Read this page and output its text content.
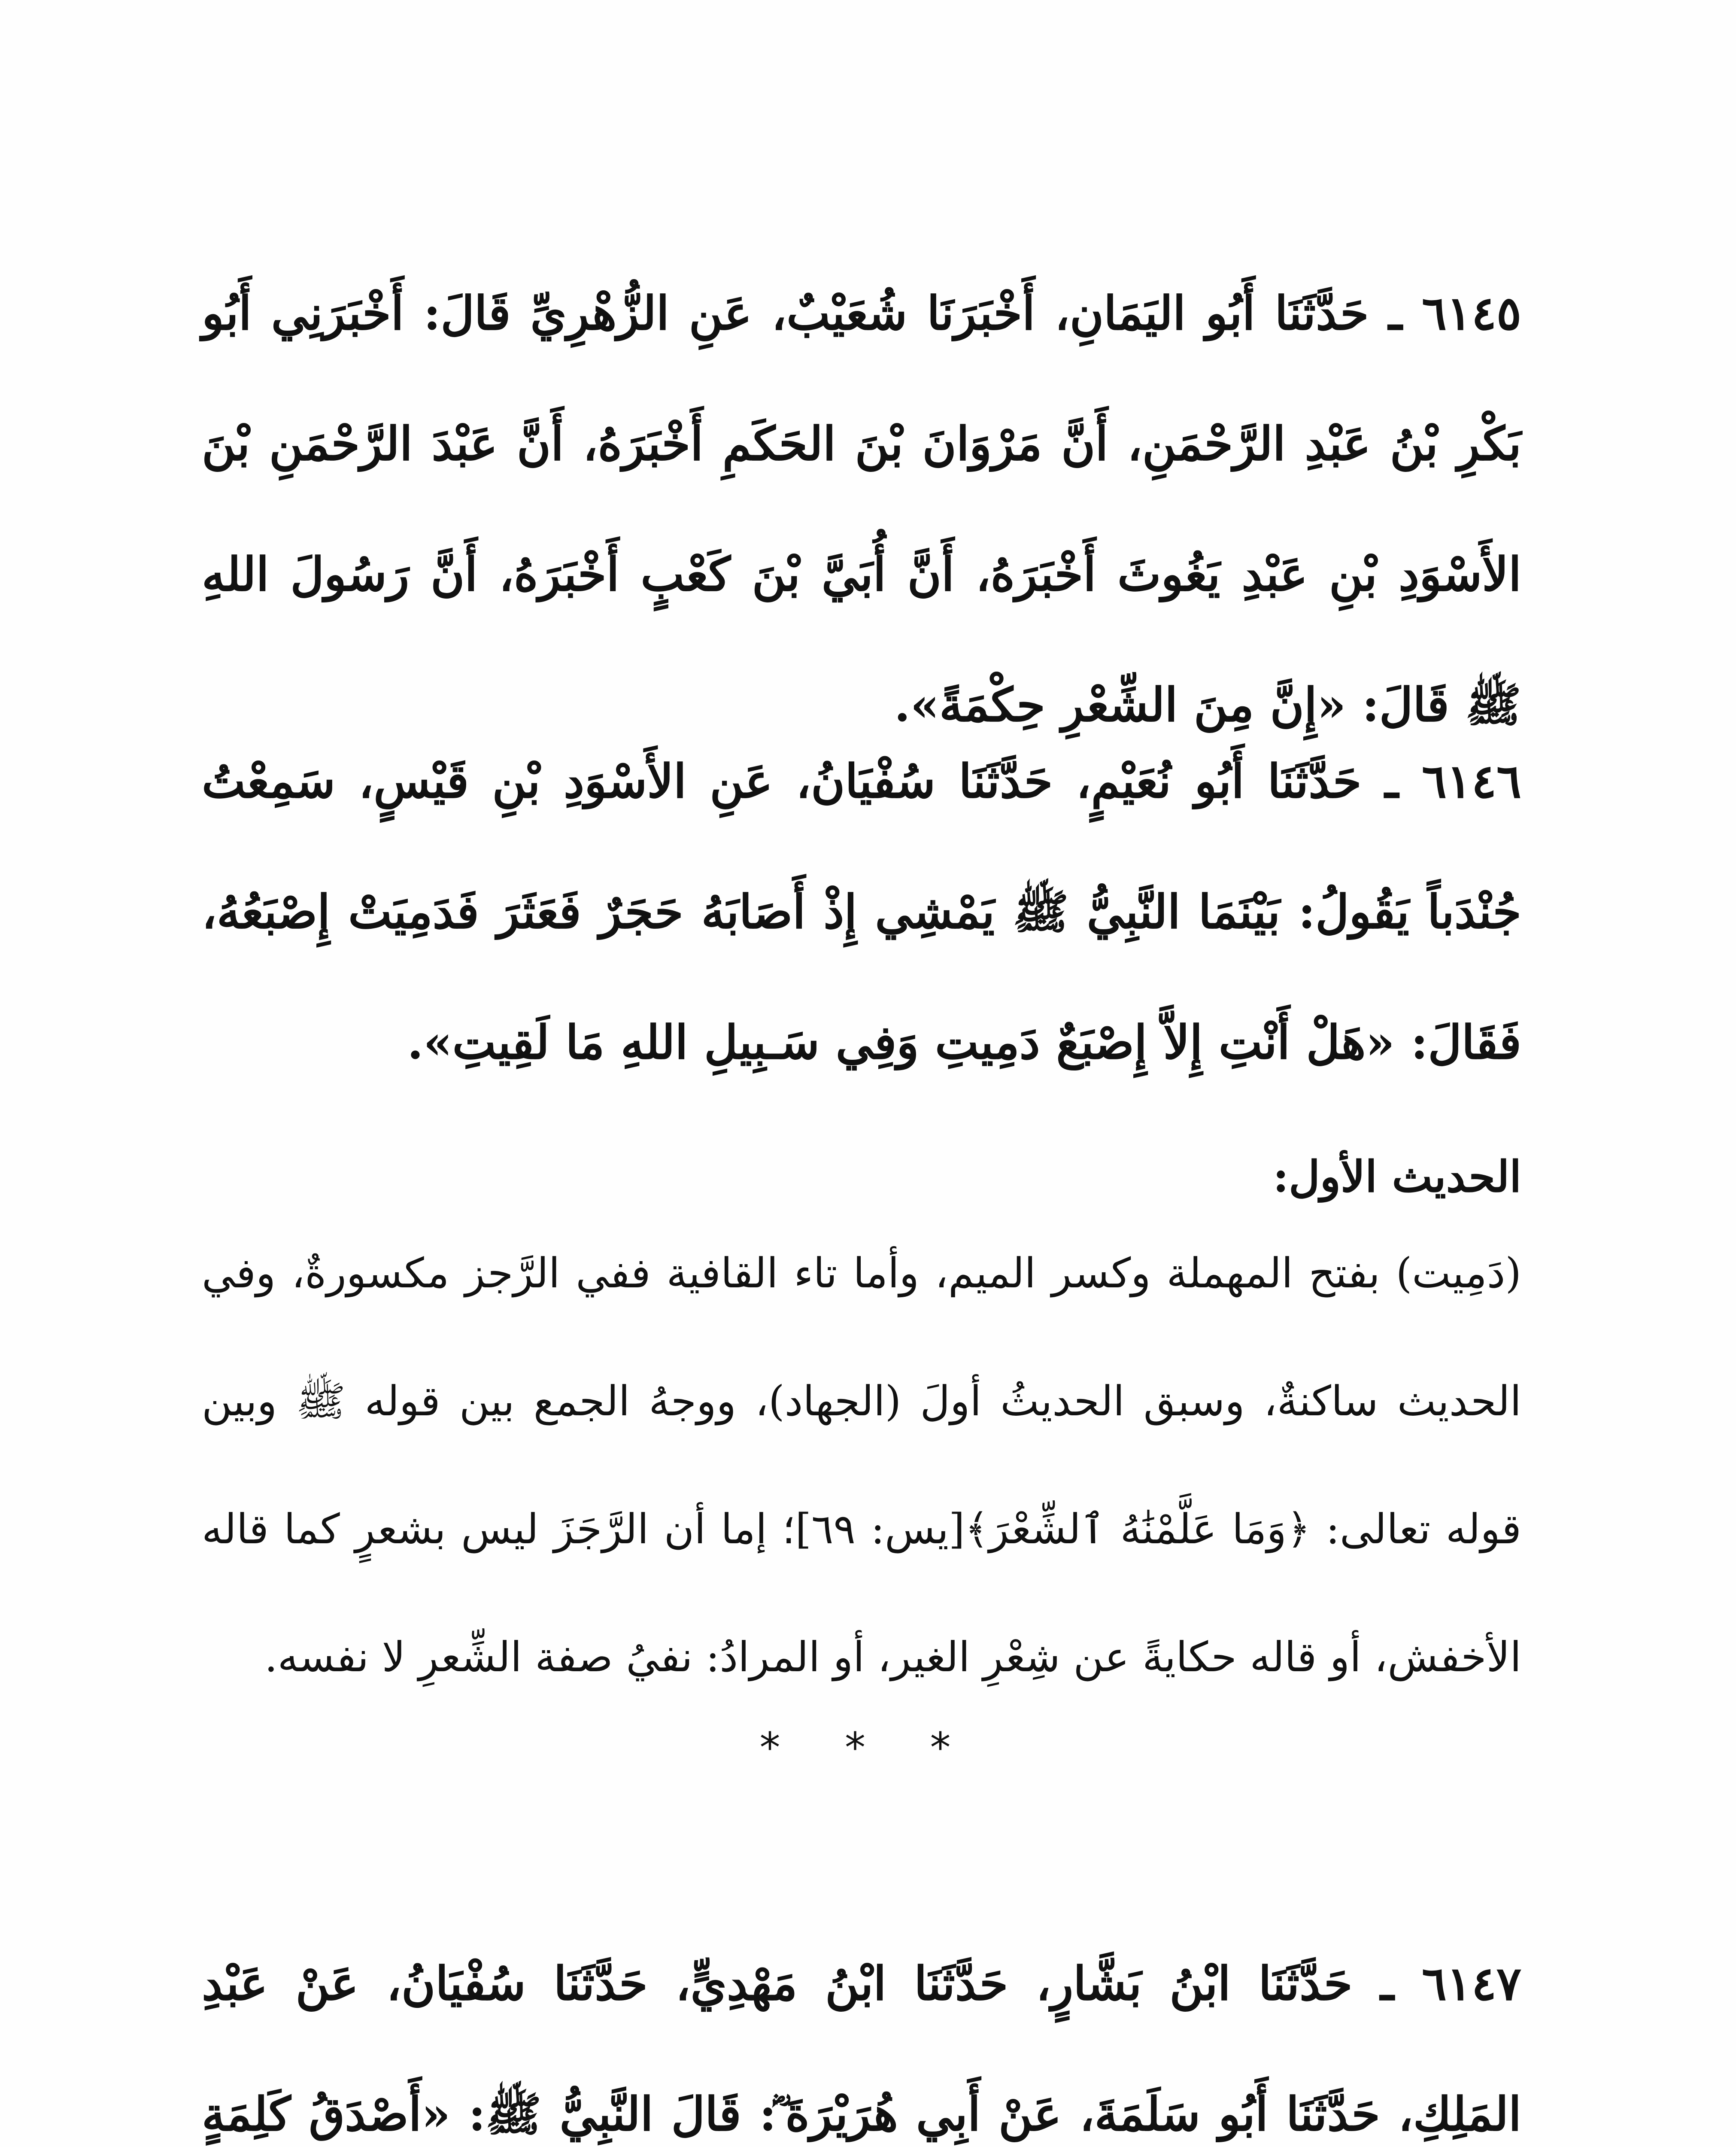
٦١٤٥ ـ حَدَّثَنَا أَبُو اليَمَانِ، أَخْبَرَنَا شُعَيْبٌ، عَنِ الزُّهْرِيِّ قَالَ: أَخْبَرَنِي أَبُو بَكْرِ بْنُ عَبْدِ الرَّحْمَنِ، أَنَّ مَرْوَانَ بْنَ الحَكَمِ أَخْبَرَهُ، أَنَّ عَبْدَ الرَّحْمَنِ بْنَ الأَسْوَدِ بْنِ عَبْدِ يَغُوثَ أَخْبَرَهُ، أَنَّ أُبَيَّ بْنَ كَعْبٍ أَخْبَرَهُ، أَنَّ رَسُولَ اللهِ ﷺ قَالَ: «إِنَّ مِنَ الشِّعْرِ حِكْمَةً».

٦١٤٦ ـ حَدَّثَنَا أَبُو نُعَيْمٍ، حَدَّثَنَا سُفْيَانُ، عَنِ الأَسْوَدِ بْنِ قَيْسٍ، سَمِعْتُ جُنْدَباً يَقُولُ: بَيْنَمَا النَّبِيُّ ﷺ يَمْشِي إِذْ أَصَابَهُ حَجَرٌ فَعَثَرَ فَدَمِيَتْ إِصْبَعُهُ، فَقَالَ: «هَلْ أَنْتِ إِلاَّ إِصْبَعٌ دَمِيتِ وَفِي سَـبِيلِ اللهِ مَا لَقِيتِ».

الحديث الأول:

(دَمِيت) بفتح المهملة وكسر الميم، وأما تاء القافية ففي الرَّجز مكسورةٌ، وفي الحديث ساكنةٌ، وسبق الحديثُ أولَ (الجهاد)، ووجهُ الجمع بين قوله ﷺ وبين قوله تعالى: ﴿وَمَا عَلَّمْنَٰهُ ٱلشِّعْرَ﴾[يس: ٦٩]؛ إما أن الرَّجَزَ ليس بشعرٍ كما قاله الأخفش، أو قاله حكايةً عن شِعْرِ الغير، أو المرادُ: نفيُ صفة الشِّعرِ لا نفسه.

* * *

٦١٤٧ ـ حَدَّثَنَا ابْنُ بَشَّارٍ، حَدَّثَنَا ابْنُ مَهْدِيٍّ، حَدَّثَنَا سُفْيَانُ، عَنْ عَبْدِ المَلِكِ، حَدَّثَنَا أَبُو سَلَمَةَ، عَنْ أَبِي هُرَيْرَةَ ؓ: قَالَ النَّبِيُّ ﷺ: «أَصْدَقُ كَلِمَةٍ
